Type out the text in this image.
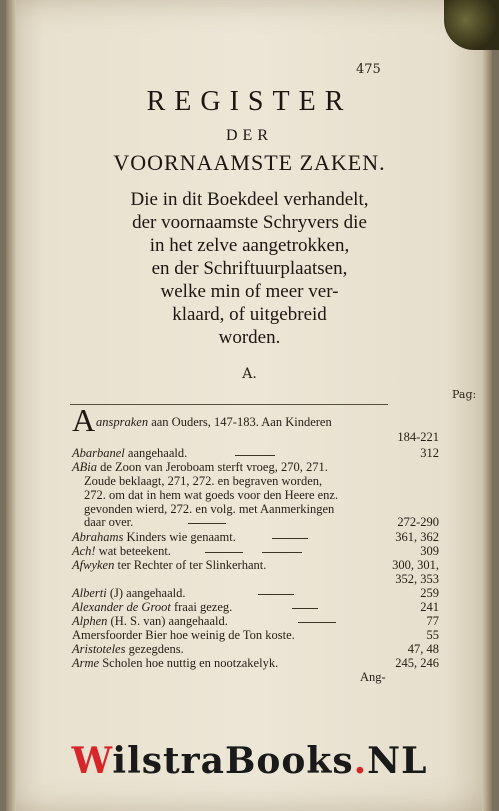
475
REGISTER
DER
VOORNAAMSTE ZAKEN.
Die in dit Boekdeel verhandelt,
der voornaamste Schryvers die
in het zelve aangetrokken,
en der Schriftuurplaatsen,
welke min of meer ver-
klaard, of uitgebreid
worden.
A.
Pag:
A anspraken aan Ouders, 147-183. Aan Kinderen
184-221
Abarbanel aangehaald.	312
ABia de Zoon van Jeroboam sterft vroeg, 270, 271.
Zoude beklaagt, 271, 272. en begraven worden,
272. om dat in hem wat goeds voor den Heere enz.
gevonden wierd, 272. en volg. met Aanmerkingen
daar over.	272-290
Abrahams Kinders wie genaamt.	361, 362
Ach! wat beteekent.	309
Afwyken ter Rechter of ter Slinkerhant.	300, 301,
352, 353
Alberti (J) aangehaald.	259
Alexander de Groot fraai gezeg.	241
Alphen (H. S. van) aangehaald.	77
Amersfoorder Bier hoe weinig de Ton koste.	55
Aristoteles gezegdens.	47, 48
Arme Scholen hoe nuttig en nootzakelyk.	245, 246
Ang-
WilstraBooks.NL
